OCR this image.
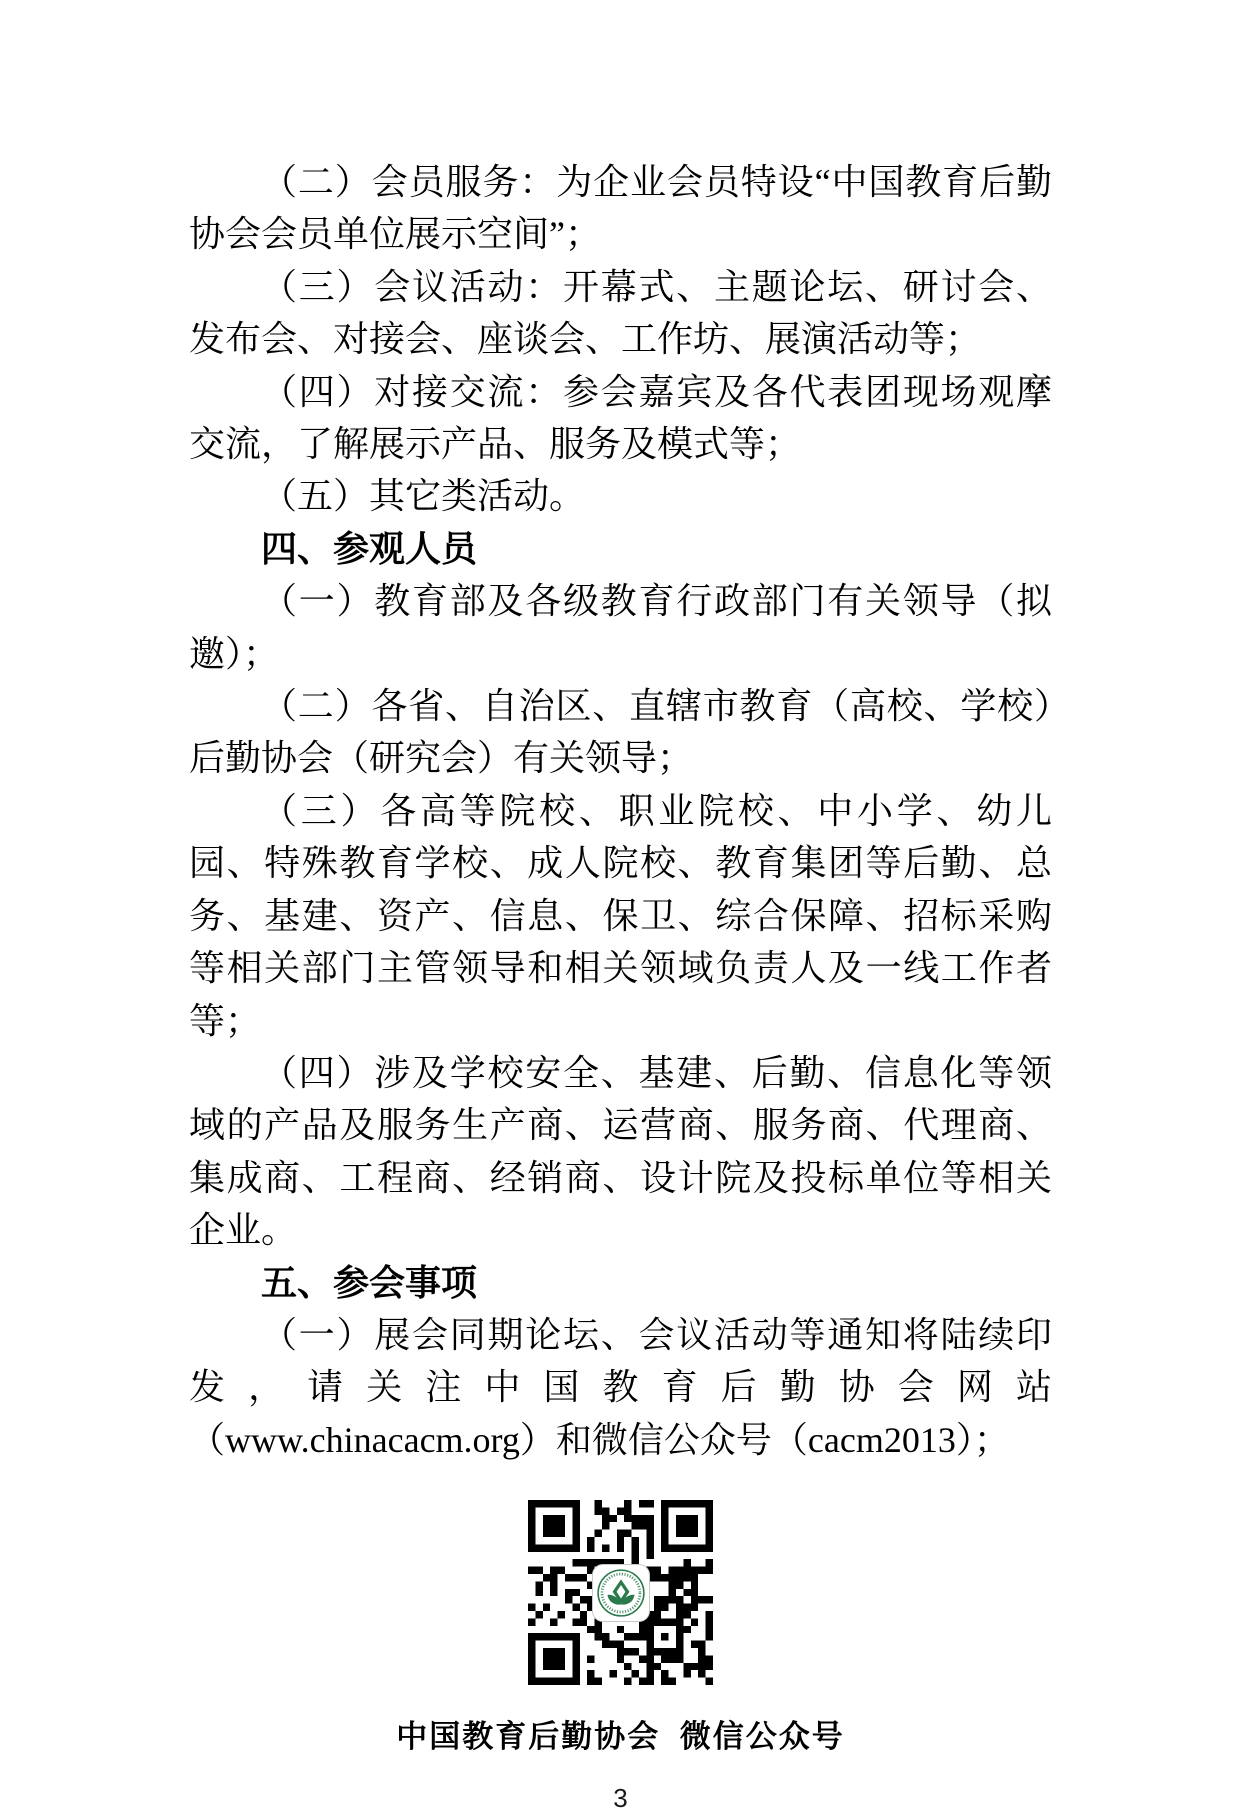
（二）会员服务：为企业会员特设“中国教育后勤协会会员单位展示空间”；

（三）会议活动：开幕式、主题论坛、研讨会、发布会、对接会、座谈会、工作坊、展演活动等；

（四）对接交流：参会嘉宾及各代表团现场观摩交流，了解展示产品、服务及模式等；

（五）其它类活动。

四、参观人员

（一）教育部及各级教育行政部门有关领导（拟邀）；

（二）各省、自治区、直辖市教育（高校、学校）后勤协会（研究会）有关领导；

（三）各高等院校、职业院校、中小学、幼儿园、特殊教育学校、成人院校、教育集团等后勤、总务、基建、资产、信息、保卫、综合保障、招标采购等相关部门主管领导和相关领域负责人及一线工作者等；

（四）涉及学校安全、基建、后勤、信息化等领域的产品及服务生产商、运营商、服务商、代理商、集成商、工程商、经销商、设计院及投标单位等相关企业。

五、参会事项

（一）展会同期论坛、会议活动等通知将陆续印发，请关注中国教育后勤协会网站（www.chinacacm.org）和微信公众号（cacm2013）；

中国教育后勤协会  微信公众号
3
